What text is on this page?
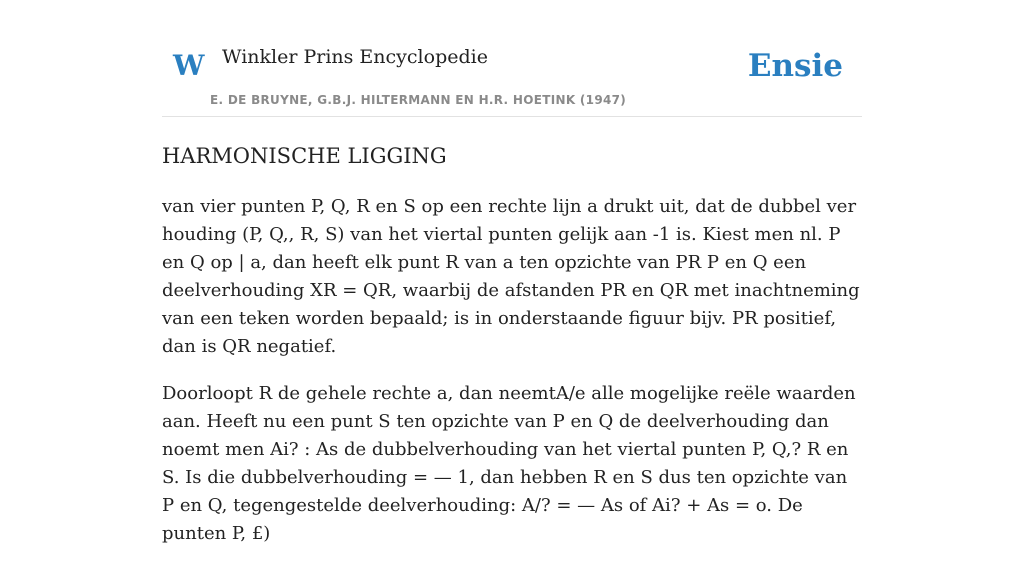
W Winkler Prins Encyclopedie	Ensie
E. DE BRUYNE, G.B.J. HILTERMANN EN H.R. HOETINK (1947)
HARMONISCHE LIGGING

van vier punten P, Q, R en S op een rechte lijn a drukt uit, dat de dubbel ver houding (P, Q,, R, S) van het viertal punten gelijk aan -1 is. Kiest men nl. P en Q op | a, dan heeft elk punt R van a ten opzichte van PR P en Q een deelverhouding XR = QR, waarbij de afstanden PR en QR met inachtneming van een teken worden bepaald; is in onderstaande figuur bijv. PR positief, dan is QR negatief.

Doorloopt R de gehele rechte a, dan neemtA/e alle mogelijke reële waarden aan. Heeft nu een punt S ten opzichte van P en Q de deelverhouding dan noemt men Ai? : As de dubbelverhouding van het viertal punten P, Q,? R en S. Is die dubbelverhouding = — 1, dan hebben R en S dus ten opzichte van P en Q, tegengestelde deelverhouding: A/? = — As of Ai? + As = o. De punten P, £)
